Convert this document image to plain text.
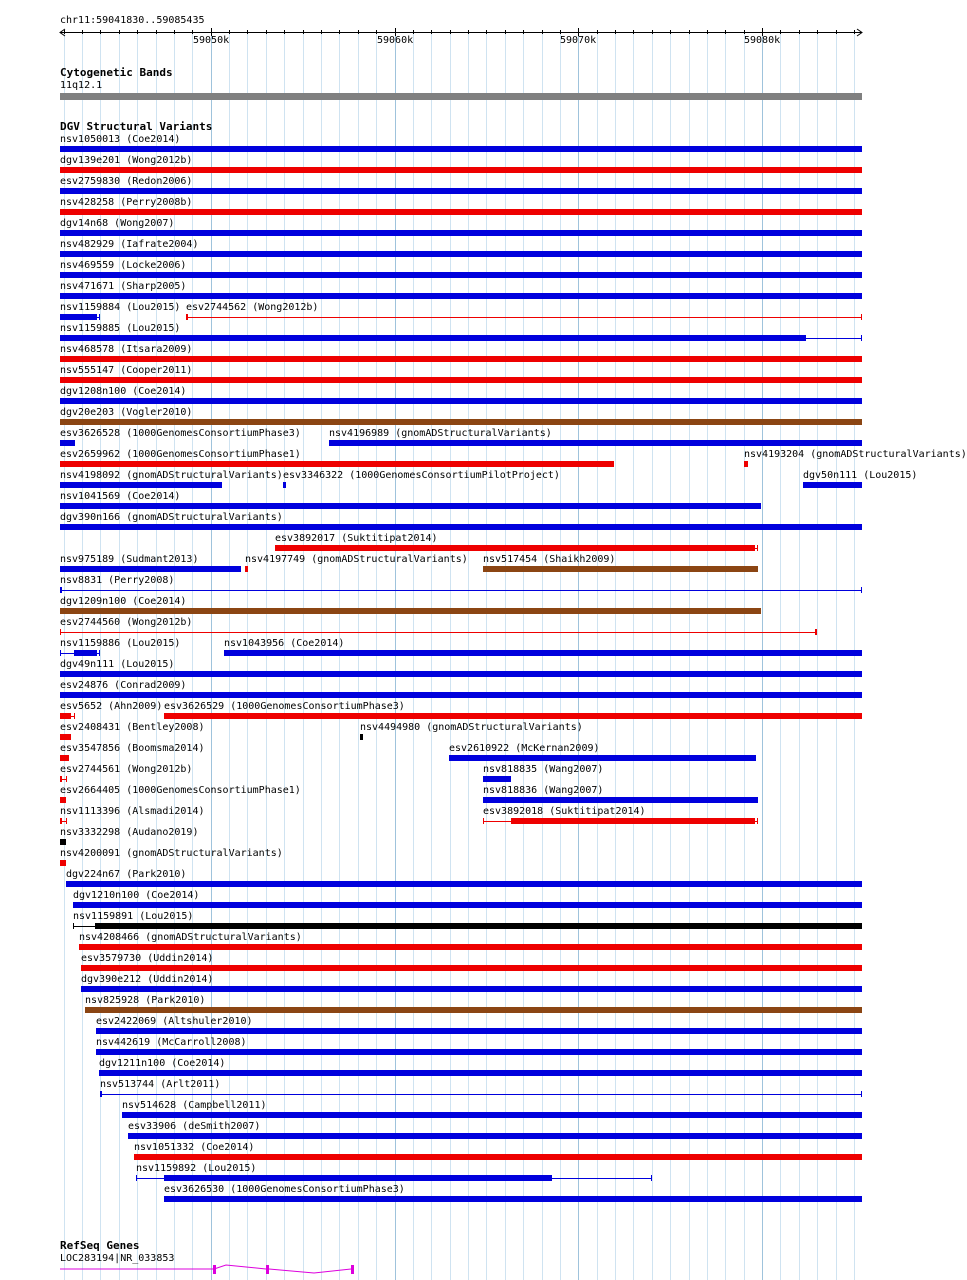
chr11:59041830..59085435
59050k	59060k	59070k	59080k
Cytogenetic Bands
11q12.1
DGV Structural Variants
nsv1050013 (Coe2014)
dgv139e201 (Wong2012b)
esv2759830 (Redon2006)
nsv428258 (Perry2008b)
dgv14n68 (Wong2007)
nsv482929 (Iafrate2004)
nsv469559 (Locke2006)
nsv471671 (Sharp2005)
nsv1159884 (Lou2015) esv2744562 (Wong2012b)
nsv1159885 (Lou2015)
nsv468578 (Itsara2009)
nsv555147 (Cooper2011)
dgv1208n100 (Coe2014)
dgv20e203 (Vogler2010)
esv3626528 (1000GenomesConsortiumPhase3)	nsv4196989 (gnomADStructuralVariants)
esv2659962 (1000GenomesConsortiumPhase1)	nsv4193204 (gnomADStructuralVariants)
nsv4198092 (gnomADStructuralVariants) esv3346322 (1000GenomesConsortiumPilotProject)	dgv50n111 (Lou2015)
nsv1041569 (Coe2014)
dgv390n166 (gnomADStructuralVariants)
esv3892017 (Suktitipat2014)
nsv975189 (Sudmant2013)	nsv4197749 (gnomADStructuralVariants) nsv517454 (Shaikh2009)
nsv8831 (Perry2008)
dgv1209n100 (Coe2014)
esv2744560 (Wong2012b)
nsv1159886 (Lou2015)	nsv1043956 (Coe2014)
dgv49n111 (Lou2015)
esv24876 (Conrad2009)
esv5652 (Ahn2009) esv3626529 (1000GenomesConsortiumPhase3)
esv2408431 (Bentley2008)	nsv4494980 (gnomADStructuralVariants)
esv3547856 (Boomsma2014)	esv2610922 (McKernan2009)
esv2744561 (Wong2012b)	nsv818835 (Wang2007)
esv2664405 (1000GenomesConsortiumPhase1)	nsv818836 (Wang2007)
nsv1113396 (Alsmadi2014)	esv3892018 (Suktitipat2014)
nsv3332298 (Audano2019)
nsv4200091 (gnomADStructuralVariants)
dgv224n67 (Park2010)
dgv1210n100 (Coe2014)
nsv1159891 (Lou2015)
nsv4208466 (gnomADStructuralVariants)
esv3579730 (Uddin2014)
dgv390e212 (Uddin2014)
nsv825928 (Park2010)
esv2422069 (Altshuler2010)
nsv442619 (McCarroll2008)
dgv1211n100 (Coe2014)
nsv513744 (Arlt2011)
nsv514628 (Campbell2011)
esv33906 (deSmith2007)
nsv1051332 (Coe2014)
nsv1159892 (Lou2015)
esv3626530 (1000GenomesConsortiumPhase3)
RefSeq Genes
LOC283194|NR_033853
